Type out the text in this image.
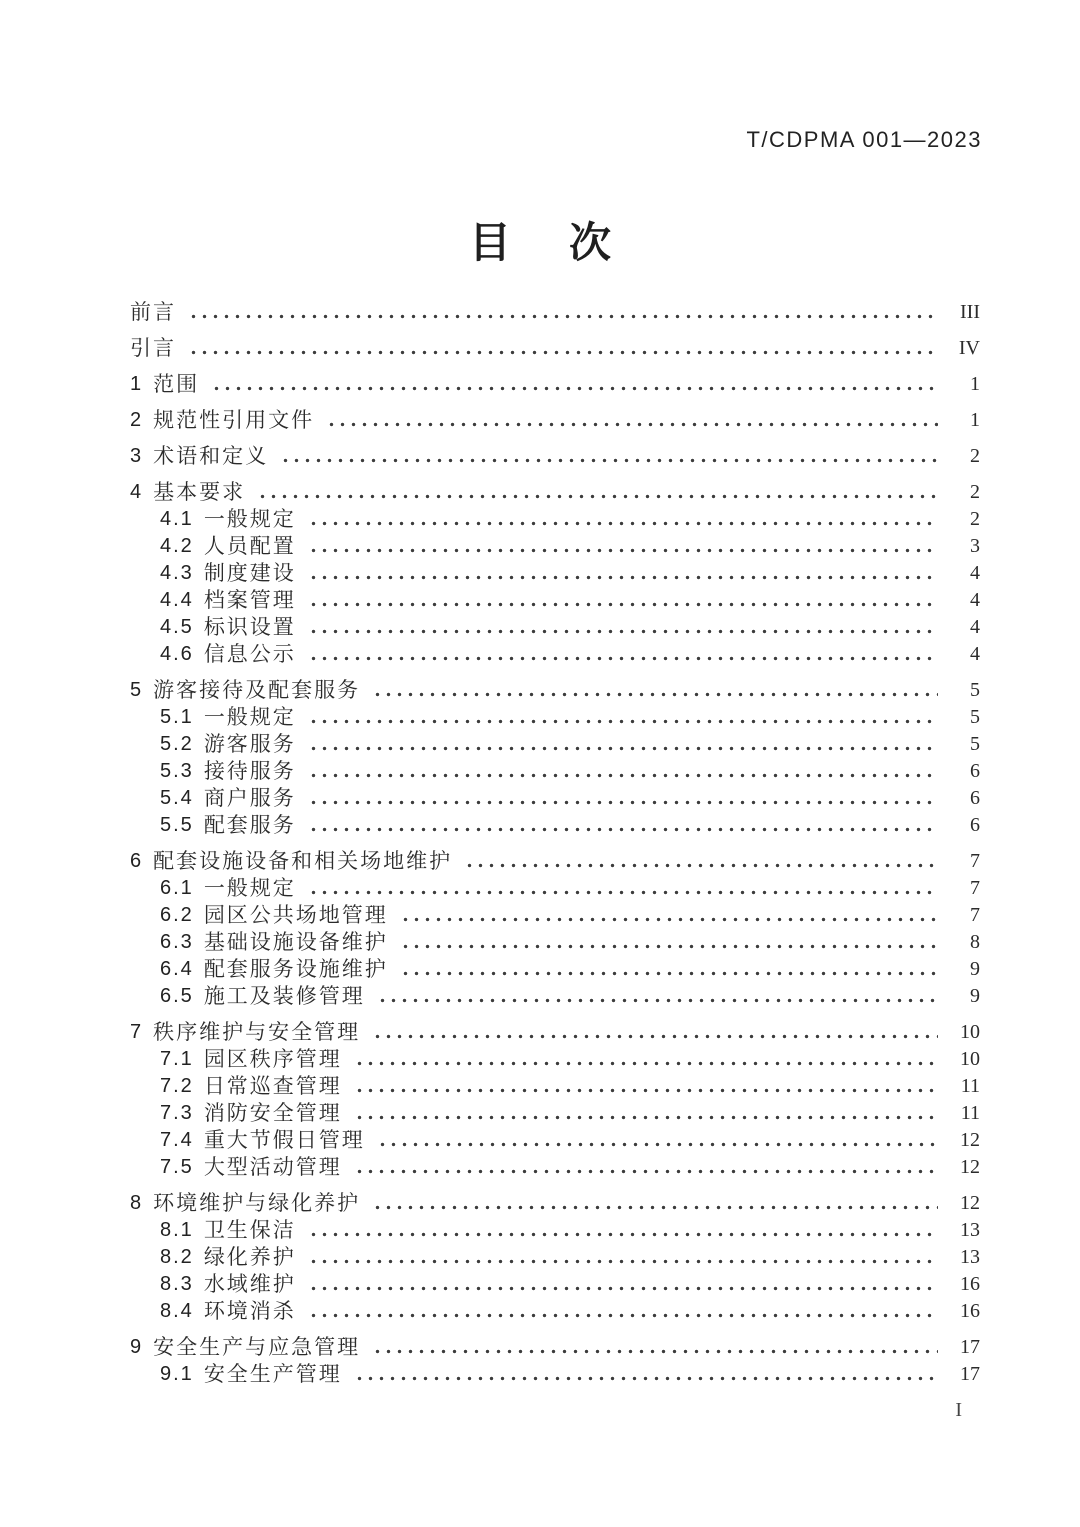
T/CDPMA 001—2023
目　次
前言	III
引言	IV
1 范围	1
2 规范性引用文件	1
3 术语和定义	2
4 基本要求	2
4.1 一般规定	2
4.2 人员配置	3
4.3 制度建设	4
4.4 档案管理	4
4.5 标识设置	4
4.6 信息公示	4
5 游客接待及配套服务	5
5.1 一般规定	5
5.2 游客服务	5
5.3 接待服务	6
5.4 商户服务	6
5.5 配套服务	6
6 配套设施设备和相关场地维护	7
6.1 一般规定	7
6.2 园区公共场地管理	7
6.3 基础设施设备维护	8
6.4 配套服务设施维护	9
6.5 施工及装修管理	9
7 秩序维护与安全管理	10
7.1 园区秩序管理	10
7.2 日常巡查管理	11
7.3 消防安全管理	11
7.4 重大节假日管理	12
7.5 大型活动管理	12
8 环境维护与绿化养护	12
8.1 卫生保洁	13
8.2 绿化养护	13
8.3 水域维护	16
8.4 环境消杀	16
9 安全生产与应急管理	17
9.1 安全生产管理	17
I
